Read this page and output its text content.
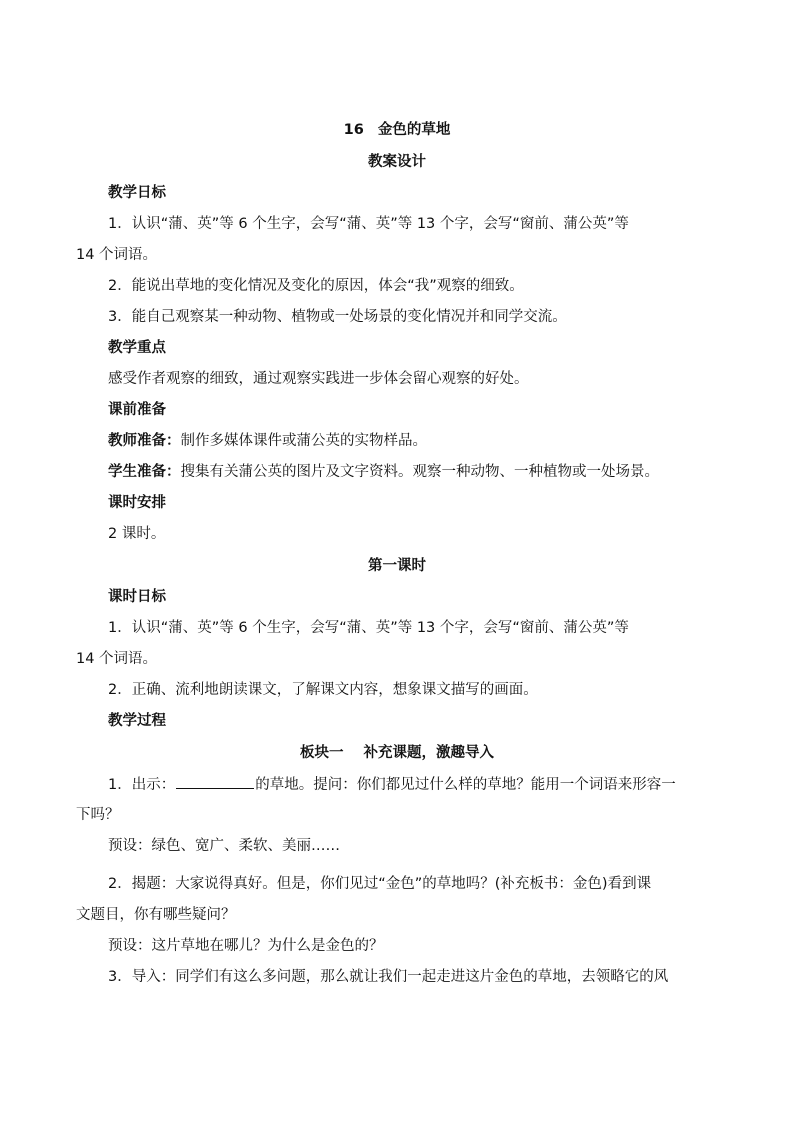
16 金色的草地
教案设计
教学日标
1．认识“蒲、英”等 6 个生字，会写“蒲、英”等 13 个字，会写“窗前、蒲公英”等
14 个词语。
2．能说出草地的变化情况及变化的原因，体会“我”观察的细致。
3．能自己观察某一种动物、植物或一处场景的变化情况并和同学交流。
教学重点
感受作者观察的细致，通过观察实践进一步体会留心观察的好处。
课前准备
教师准备：制作多媒体课件或蒲公英的实物样品。
学生准备：搜集有关蒲公英的图片及文字资料。观察一种动物、一种植物或一处场景。
课时安排
2 课时。
第一课时
课时日标
1．认识“蒲、英”等 6 个生字，会写“蒲、英”等 13 个字，会写“窗前、蒲公英”等
14 个词语。
2．正确、流利地朗读课文，了解课文内容，想象课文描写的画面。
教学过程
板块一 补充课题，激趣导入
1．出示：	的草地。提问：你们都见过什么样的草地？能用一个词语来形容一
下吗？
预设：绿色、宽广、柔软、美丽……
2．揭题：大家说得真好。但是，你们见过“金色”的草地吗？(补充板书：金色)看到课
文题目，你有哪些疑问？
预设：这片草地在哪儿？为什么是金色的？
3．导入：同学们有这么多问题，那么就让我们一起走进这片金色的草地，去领略它的风
